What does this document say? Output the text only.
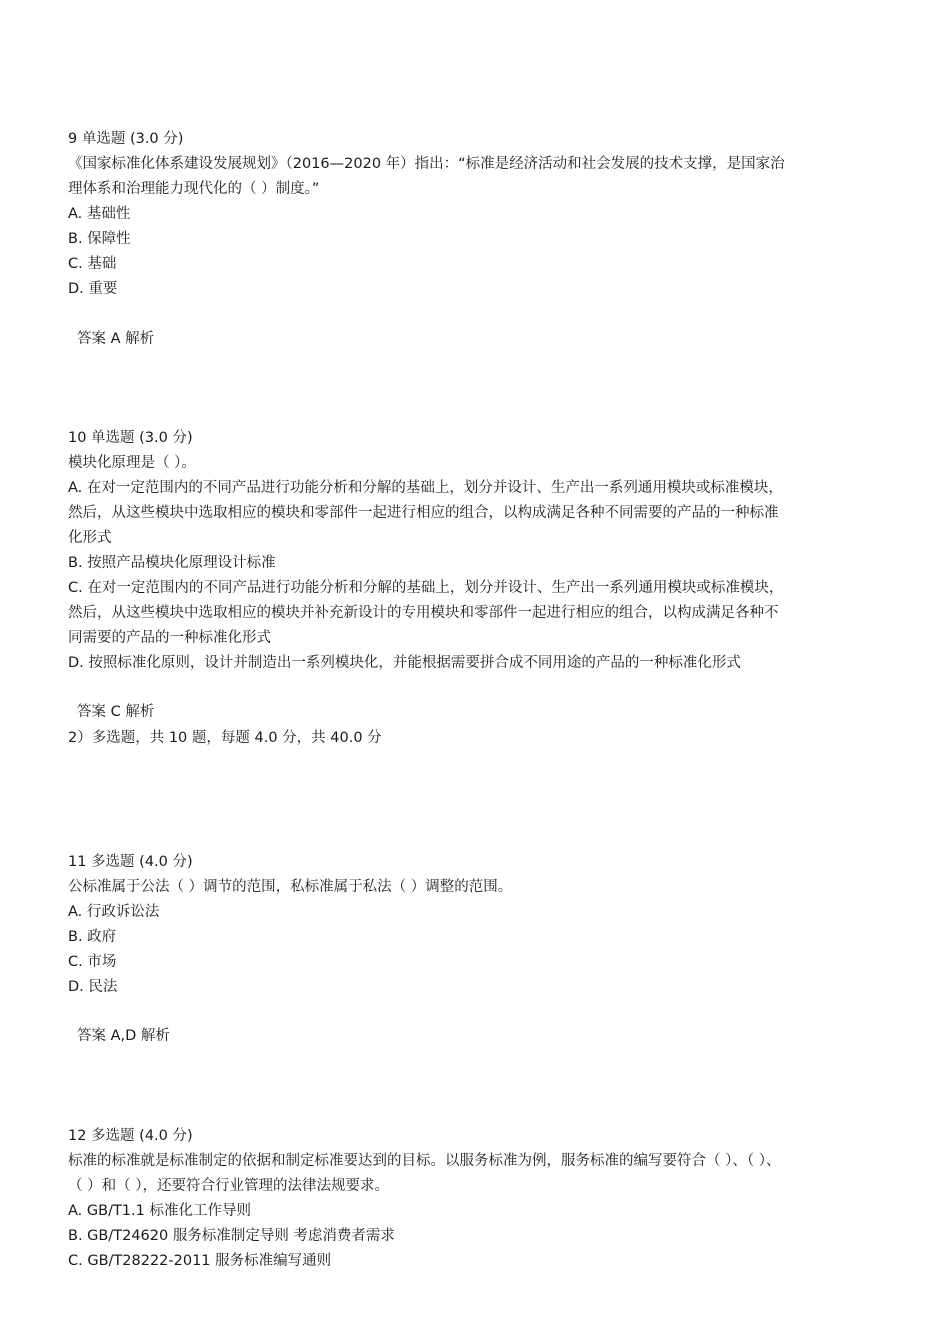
9 单选题 (3.0 分)
《国家标准化体系建设发展规划》（2016—2020 年）指出：“标准是经济活动和社会发展的技术支撑，是国家治
理体系和治理能力现代化的（ ）制度。”
A. 基础性
B. 保障性
C. 基础
D. 重要
答案 A 解析
10 单选题 (3.0 分)
模块化原理是（ ）。
A. 在对一定范围内的不同产品进行功能分析和分解的基础上，划分并设计、生产出一系列通用模块或标准模块，
然后，从这些模块中选取相应的模块和零部件一起进行相应的组合，以构成满足各种不同需要的产品的一种标准
化形式
B. 按照产品模块化原理设计标准
C. 在对一定范围内的不同产品进行功能分析和分解的基础上，划分并设计、生产出一系列通用模块或标准模块，
然后，从这些模块中选取相应的模块并补充新设计的专用模块和零部件一起进行相应的组合，以构成满足各种不
同需要的产品的一种标准化形式
D. 按照标准化原则，设计并制造出一系列模块化，并能根据需要拼合成不同用途的产品的一种标准化形式
答案 C 解析
2）多选题，共 10 题，每题 4.0 分，共 40.0 分
11 多选题 (4.0 分)
公标准属于公法（ ）调节的范围，私标准属于私法（ ）调整的范围。
A. 行政诉讼法
B. 政府
C. 市场
D. 民法
答案 A,D 解析
12 多选题 (4.0 分)
标准的标准就是标准制定的依据和制定标准要达到的目标。以服务标准为例，服务标准的编写要符合（ ）、（ ）、
（ ）和（ ），还要符合行业管理的法律法规要求。
A. GB/T1.1 标准化工作导则
B. GB/T24620 服务标准制定导则 考虑消费者需求
C. GB/T28222-2011 服务标准编写通则
